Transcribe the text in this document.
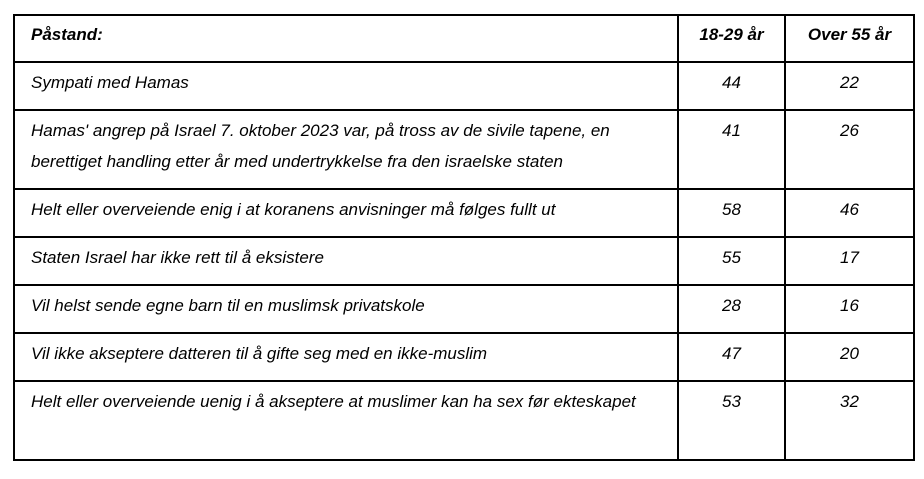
Påstand:	18-29 år	Over 55 år
Sympati med Hamas	44	22
Hamas' angrep på Israel 7. oktober 2023 var, på tross av de sivile tapene, en berettiget handling etter år med undertrykkelse fra den israelske staten	41	26
Helt eller overveiende enig i at koranens anvisninger må følges fullt ut	58	46
Staten Israel har ikke rett til å eksistere	55	17
Vil helst sende egne barn til en muslimsk privatskole	28	16
Vil ikke akseptere datteren til å gifte seg med en ikke-muslim	47	20
Helt eller overveiende uenig i å akseptere at muslimer kan ha sex før ekteskapet	53	32
